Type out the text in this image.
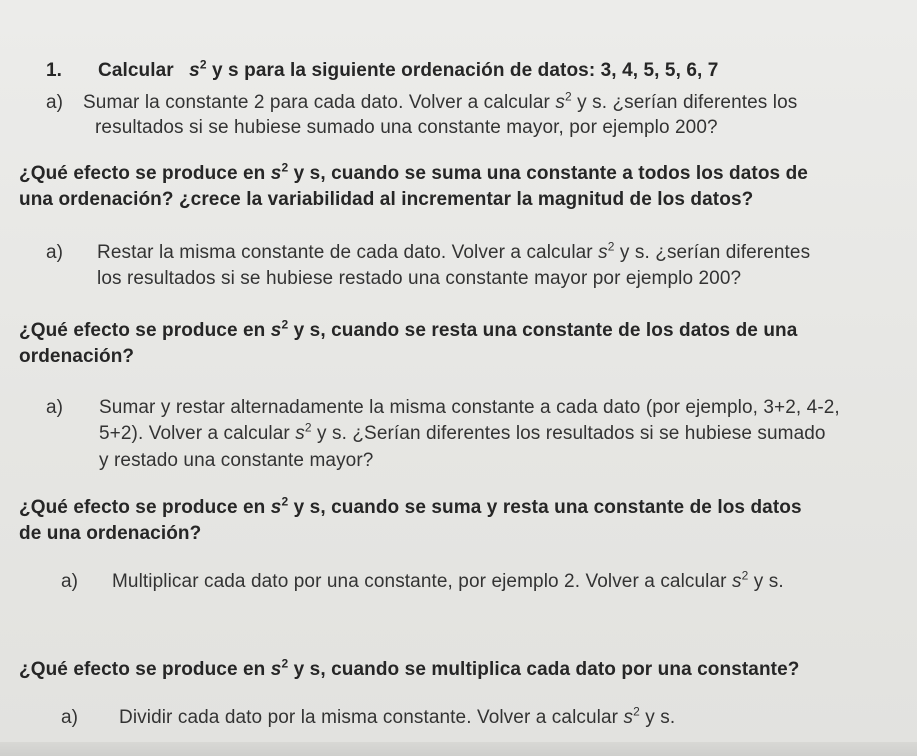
1. Calcular $s^2$ y s para la siguiente ordenación de datos: 3, 4, 5, 5, 6, 7
a) Sumar la constante 2 para cada dato. Volver a calcular $s^2$ y s. ¿serían diferentes los
resultados si se hubiese sumado una constante mayor, por ejemplo 200?
¿Qué efecto se produce en $s^2$ y s, cuando se suma una constante a todos los datos de
una ordenación? ¿crece la variabilidad al incrementar la magnitud de los datos?
a) Restar la misma constante de cada dato. Volver a calcular $s^2$ y s. ¿serían diferentes
los resultados si se hubiese restado una constante mayor por ejemplo 200?
¿Qué efecto se produce en $s^2$ y s, cuando se resta una constante de los datos de una
ordenación?
a) Sumar y restar alternadamente la misma constante a cada dato (por ejemplo, 3+2, 4-2,
5+2). Volver a calcular $s^2$ y s. ¿Serían diferentes los resultados si se hubiese sumado
y restado una constante mayor?
¿Qué efecto se produce en $s^2$ y s, cuando se suma y resta una constante de los datos
de una ordenación?
a) Multiplicar cada dato por una constante, por ejemplo 2. Volver a calcular $s^2$ y s.
¿Qué efecto se produce en $s^2$ y s, cuando se multiplica cada dato por una constante?
a) Dividir cada dato por la misma constante. Volver a calcular $s^2$ y s.
